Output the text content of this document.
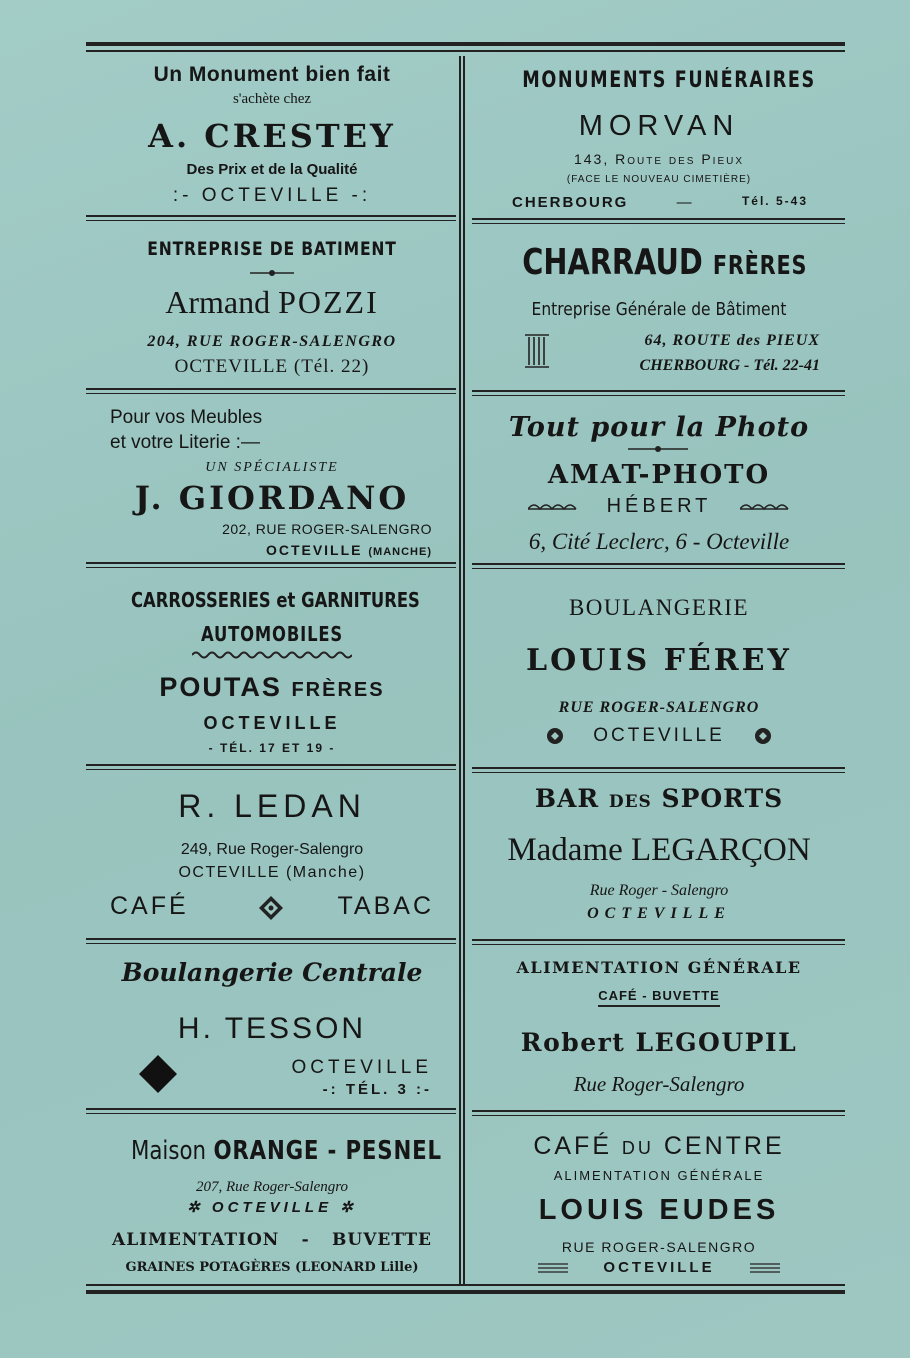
Un Monument bien fait
s'achète chez
A. CRESTEY
Des Prix et de la Qualité
:- OCTEVILLE -:
ENTREPRISE DE BATIMENT
Armand POZZI
204, RUE ROGER-SALENGRO
OCTEVILLE (Tél. 22)
Pour vos Meubles
et votre Literie :—
UN SPÉCIALISTE
J. GIORDANO
202, RUE ROGER-SALENGRO
OCTEVILLE (MANCHE)
CARROSSERIES et GARNITURES
AUTOMOBILES
POUTAS FRÈRES
OCTEVILLE
- TÉL. 17 ET 19 -
R. LEDAN
249, Rue Roger-Salengro
OCTEVILLE (Manche)
CAFÉ	TABAC
Boulangerie Centrale
H. TESSON
OCTEVILLE
-: TÉL. 3 :-
Maison ORANGE - PESNEL
207, Rue Roger-Salengro
✲ OCTEVILLE ✲
ALIMENTATION - BUVETTE
GRAINES POTAGÈRES (LEONARD Lille)
MONUMENTS FUNÉRAIRES
MORVAN
143, Route des Pieux
(FACE LE NOUVEAU CIMETIÈRE)
CHERBOURG	—	Tél. 5-43
CHARRAUD FRÈRES
Entreprise Générale de Bâtiment
64, ROUTE des PIEUX
CHERBOURG - Tél. 22-41
Tout pour la Photo
AMAT-PHOTO
HÉBERT
6, Cité Leclerc, 6 - Octeville
BOULANGERIE
LOUIS FÉREY
RUE ROGER-SALENGRO
OCTEVILLE
BAR DES SPORTS
Madame LEGARÇON
Rue Roger - Salengro
OCTEVILLE
ALIMENTATION GÉNÉRALE
CAFÉ - BUVETTE
Robert LEGOUPIL
Rue Roger-Salengro
CAFÉ du CENTRE
ALIMENTATION GÉNÉRALE
LOUIS EUDES
RUE ROGER-SALENGRO
OCTEVILLE
